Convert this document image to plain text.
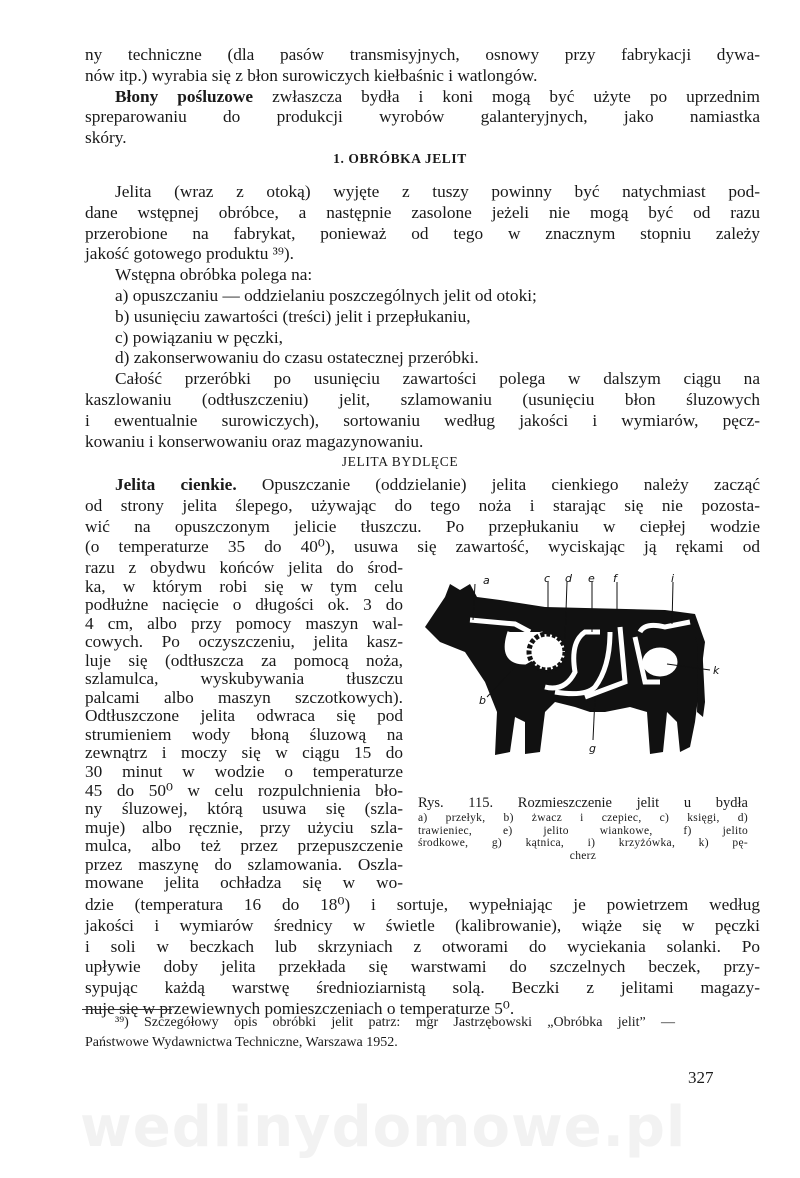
wedlinydomowe.pl
ny techniczne (dla pasów transmisyjnych, osnowy przy fabrykacji dywa-
nów itp.) wyrabia się z błon surowiczych kiełbaśnic i watlongów.
Błony pośluzowe zwłaszcza bydła i koni mogą być użyte po uprzednim
spreparowaniu do produkcji wyrobów galanteryjnych, jako namiastka
skóry.
1. OBRÓBKA JELIT
Jelita (wraz z otoką) wyjęte z tuszy powinny być natychmiast pod-
dane wstępnej obróbce, a następnie zasolone jeżeli nie mogą być od razu
przerobione na fabrykat, ponieważ od tego w znacznym stopniu zależy
jakość gotowego produktu ³⁹).
Wstępna obróbka polega na:
a) opuszczaniu — oddzielaniu poszczególnych jelit od otoki;
b) usunięciu zawartości (treści) jelit i przepłukaniu,
c) powiązaniu w pęczki,
d) zakonserwowaniu do czasu ostatecznej przeróbki.
Całość przeróbki po usunięciu zawartości polega w dalszym ciągu na
kaszlowaniu (odtłuszczeniu) jelit, szlamowaniu (usunięciu błon śluzowych
i ewentualnie surowiczych), sortowaniu według jakości i wymiarów, pęcz-
kowaniu i konserwowaniu oraz magazynowaniu.
JELITA BYDLĘCE
Jelita cienkie. Opuszczanie (oddzielanie) jelita cienkiego należy zacząć
od strony jelita ślepego, używając do tego noża i starając się nie pozosta-
wić na opuszczonym jelicie tłuszczu. Po przepłukaniu w ciepłej wodzie
(o temperaturze 35 do 40⁰), usuwa się zawartość, wyciskając ją rękami od
razu z obydwu końców jelita do środ-
ka, w którym robi się w tym celu
podłużne nacięcie o długości ok. 3 do
4 cm, albo przy pomocy maszyn wal-
cowych. Po oczyszczeniu, jelita kasz-
luje się (odtłuszcza za pomocą noża,
szlamulca, wyskubywania tłuszczu
palcami albo maszyn szczotkowych).
Odtłuszczone jelita odwraca się pod
strumieniem wody błoną śluzową na
zewnątrz i moczy się w ciągu 15 do
30 minut w wodzie o temperaturze
45 do 50⁰ w celu rozpulchnienia bło-
ny śluzowej, którą usuwa się (szla-
muje) albo ręcznie, przy użyciu szla-
mulca, albo też przez przepuszczenie
przez maszynę do szlamowania. Oszla-
mowane jelita ochładza się w wo-
dzie (temperatura 16 do 18⁰) i sortuje, wypełniając je powietrzem według
jakości i wymiarów średnicy w świetle (kalibrowanie), wiąże się w pęczki
i soli w beczkach lub skrzyniach z otworami do wyciekania solanki. Po
upływie doby jelita przekłada się warstwami do szczelnych beczek, przy-
sypując każdą warstwę średnioziarnistą solą. Beczki z jelitami magazy-
nuje się w przewiewnych pomieszczeniach o temperaturze 5⁰.
a
b
c d e f
g
i
k
Rys. 115. Rozmieszczenie jelit u bydła
a) przełyk, b) żwacz i czepiec, c) księgi, d)
trawieniec, e) jelito wiankowe, f) jelito
środkowe, g) kątnica, i) krzyżówka, k) pę-
cherz
³⁹) Szczegółowy opis obróbki jelit patrz: mgr Jastrzębowski „Obróbka jelit” —
Państwowe Wydawnictwa Techniczne, Warszawa 1952.
327
